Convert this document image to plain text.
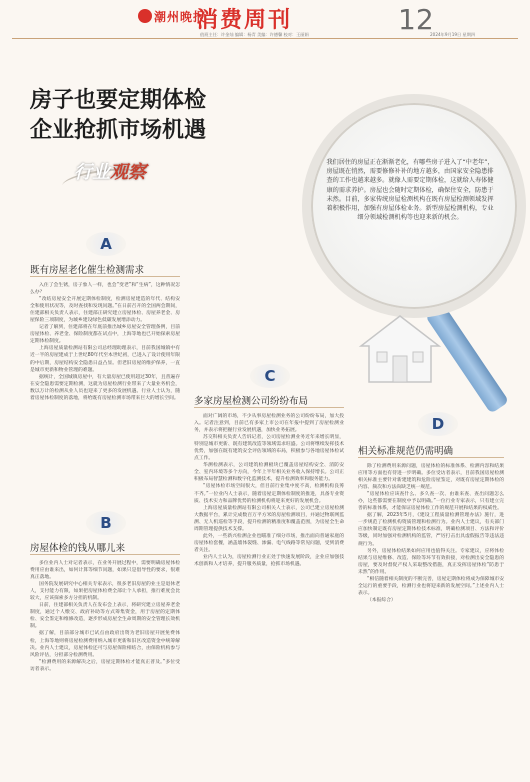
潮州晚报
消费周刊	12
值班主任：许金灿 编辑：杨青 美编：许德馨 校对：王丽娟	2024年9月19日 星期四
房子也要定期体检
企业抢抓市场机遇
行业观察	我们居住的房屋正在渐渐老化，有哪些房子进入了“中老年”，房屋既在悄然，需要修修补补的地方越多，由国家安全隐患排查的工作也越来越多。就像人需要定期体检，这就给人寿体健康的需求养护。房屋也会随时定期体检，确保住安全，防患于未然。目前，多家传统房屋检测机构在既有房屋检测领域发挥着积极作用，加强有房屋体检业务。新型房屋检测机构，专业细分领域检测机构等也迎来新的机会。
A
既有房屋老化催生检测需求

入住了会生锈，房子象人一样，也会“变老”和“生病”，这种情况怎么办？

“改结房屋安全开展定期体检制度，检测房屋建造的年代、结构安全和使用状况等，及时查找和发现问题。”在日前召开的全国两会期间，住建部相关负责人表示，住建部正研究建立房屋体检、房屋养老金、房屋保险三项制度，为城乡建设绿色低碳发展增添动力。

记者了解到，住建部将在年底前推出城乡房屋安全管理条例，目前房屋体检、养老金、保险制度都在试点中，上海等地也已开始探索房屋定期体检制度。

上海房屋质量检测站有限公司总经理助理表示，目前我国城镇中有近一半的房屋建成于上世纪80年代至本世纪初，已进入了设计使用年限的中后期，房屋结构安全隐患日益凸显。但老旧房屋的维护保养，一直是城市更新和物业管理的难题。

据统计，全国城镇房屋中，有大量房屋已使用超过30年，且普遍存在安全隐患需要定期检测，这就为房屋检测行业带来了大量业务机会，数以万计的检测从业人员也迎来了更多的发展机遇。行业人士认为，随着房屋体检制度的落地，将给既有房屋检测市场带来巨大的增长空间。

B
房屋体检的钱从哪儿来

多位业内人士对记者表示，在业务开展过程中，需要明确房屋体检费用应由谁来出，如何计算等细节问题，如果只是倡导性的要求，很难真正落地。

国务院发展研究中心相关专家表示，很多老旧房屋的业主是退休老人，支付能力有限，如果把房屋体检费全部让个人承担，推行难度会比较大，应该探索多方分担的机制。

日前，住建部相关负责人在发布会上表示，将研究建立房屋养老金制度，通过个人缴交、政府补助等方式筹集资金，用于房屋的定期体检、安全鉴定和维修改造，逐步形成房屋全生命周期的安全管理长效机制。

据了解，目前部分城市已试点由政府出资为老旧房屋开展免费体检，上海等地则将房屋检测费用纳入城市更新和旧区改造资金中统筹解决。业内人士建议，房屋体检还可与房屋保险相结合，由保险机构参与风险评估，分担部分检测费用。

“检测费用的来源解决之后，房屋定期体检才能真正普及。”多位受访者表示。

C
多家房屋检测公司纷纷布局

面对广阔的市场，不少从事房屋检测业务的公司纷纷布局，加大投入。记者注意到，目前已有多家上市公司在年报中提到了房屋检测业务，并表示将把握行业发展机遇，加快业务拓展。

苏交科相关负责人告诉记者，公司房屋检测业务近年来增长明显，特别是城市更新、既有建筑改造等领域需求旺盛。公司将继续发挥技术优势，加强在既有建筑安全评估领域的布局，积极参与各地房屋体检试点工作。

华测检测表示，公司建筑检测板块已覆盖房屋结构安全、消防安全、室内环境等多个方向，今年上半年相关业务收入保持增长。公司正积极布局智慧检测和数字化监测技术，提升检测效率和服务能力。

“房屋体检市场空间很大，但目前行业集中度不高，检测机构良莠不齐。”一位业内人士表示，随着房屋定期体检制度的推进，具备专业资质、技术实力和品牌优势的检测机构将迎来更好的发展机会。

上海房屋质量检测站有限公司相关人士表示，公司已建立房屋检测大数据平台，累计完成数百万平方米的房屋检测项目，并通过物联网监测、无人机巡检等手段，提升检测的精准度和覆盖范围，为房屋全生命周期管理提供技术支撑。

此外，一些新兴检测企业也瞄准了细分市场，推出面向普通家庭的房屋体检套餐，涵盖墙体裂缝、渗漏、电气线路等常见问题，受到消费者关注。

业内人士认为，房屋检测行业正处于快速发展阶段，企业应加强技术创新和人才培养，提升服务质量，抢抓市场机遇。

D
相关标准规范仍需明确

除了检测费用来源问题，房屋体检的标准体系、检测内容和结果应用等方面也有待进一步明确。多位受访者表示，目前我国房屋检测相关标准主要针对新建建筑和危险房屋鉴定，对既有房屋定期体检的内容、频次和方法尚缺乏统一规范。

“房屋体检应该查什么、多久查一次、由谁来查、查出问题怎么办，这些都需要在制度中予以明确。”一位行业专家表示，只有建立完善的标准体系，才能保证房屋体检工作的规范开展和结果的权威性。

据了解，2023年5月，《建设工程质量检测管理办法》施行，进一步规范了检测机构资质管理和检测行为。业内人士建议，有关部门应加快制定既有房屋定期体检技术标准，明确检测项目、方法和评价等级，同时加强对检测机构的监管，严厉打击出具虚假报告等违法违规行为。

另外，房屋体检结果如何应用也值得关注。专家建议，应将体检结果与房屋维修、改造、保险等环节有效衔接，对检测出安全隐患的房屋，要及时督促产权人采取整改措施，真正发挥房屋体检“防患于未然”的作用。

“相信随着相关制度的不断完善，房屋定期体检将成为保障城市安全运行的重要手段，检测行业也将迎来新的发展空间。”上述业内人士表示。

（本报综合）
